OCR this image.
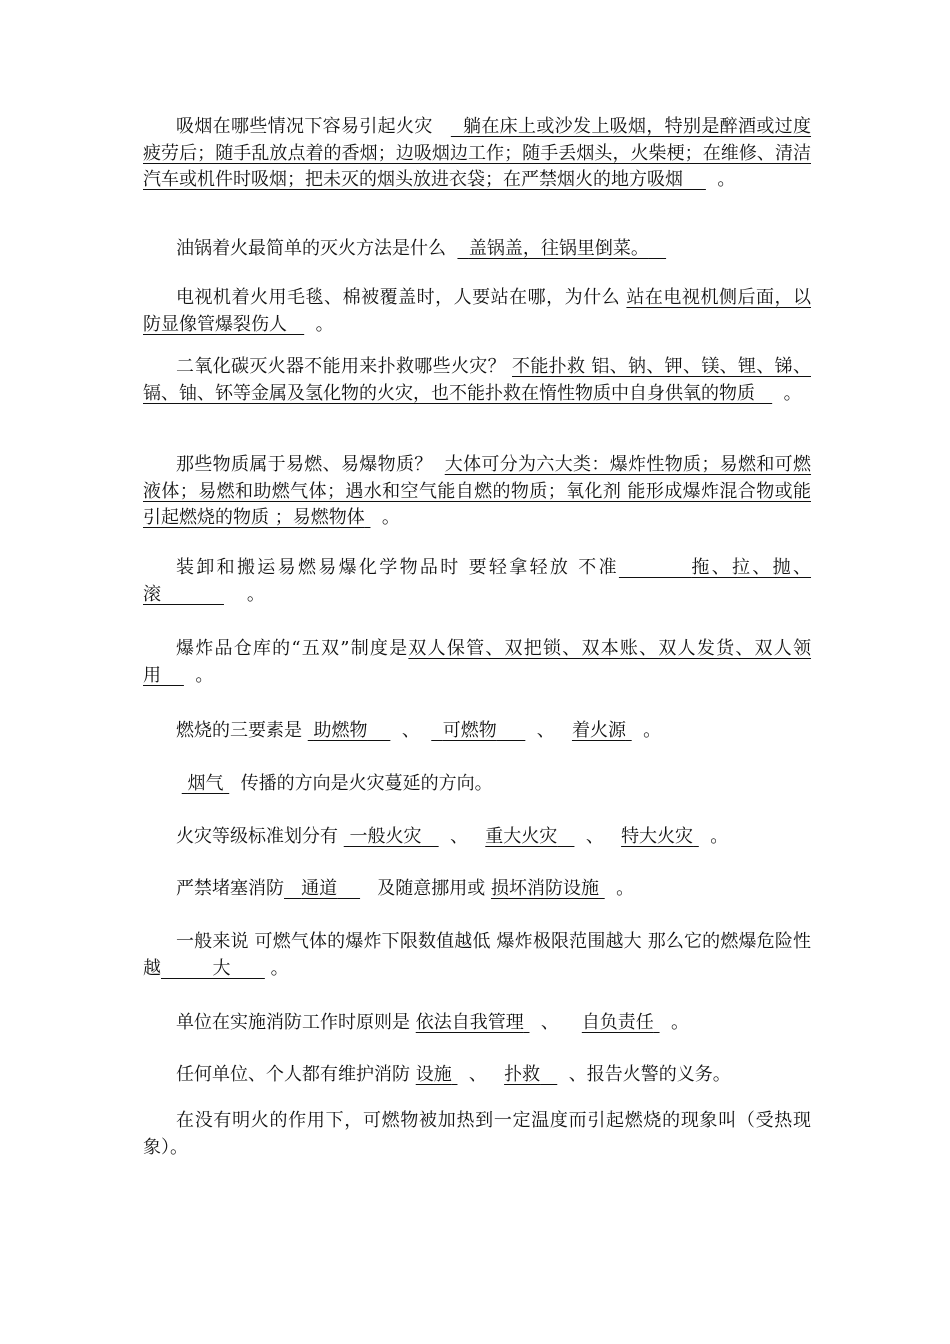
吸烟在哪些情况下容易引起火灾 躺在床上或沙发上吸烟，特别是醉酒或过度疲劳后；随手乱放点着的香烟；边吸烟边工作；随手丢烟头，火柴梗；在维修、清洁汽车或机件时吸烟；把未灭的烟头放进衣袋；在严禁烟火的地方吸烟 。

油锅着火最简单的灭火方法是什么 盖锅盖，往锅里倒菜。

电视机着火用毛毯、棉被覆盖时，人要站在哪，为什么 站在电视机侧后面，以防显像管爆裂伤人 。

二氧化碳灭火器不能用来扑救哪些火灾？ 不能扑救 铝、钠、钾、镁、锂、锑、镉、铀、钚等金属及氢化物的火灾，也不能扑救在惰性物质中自身供氧的物质 。

那些物质属于易燃、易爆物质？ 大体可分为六大类：爆炸性物质；易燃和可燃液体；易燃和助燃气体；遇水和空气能自燃的物质；氧化剂 能形成爆炸混合物或能引起燃烧的物质 ；易燃物体 。

装卸和搬运易燃易爆化学物品时 要轻拿轻放 不准	拖、拉、抛、滚	。

爆炸品仓库的“五双”制度是双人保管、双把锁、双本账、双人发货、双人领用 。

燃烧的三要素是 助燃物 、 可燃物 、 着火源 。

烟气 传播的方向是火灾蔓延的方向。

火灾等级标准划分有 一般火灾 、 重大火灾 、 特大火灾 。

严禁堵塞消防 通道 及随意挪用或 损坏消防设施 。

一般来说 可燃气体的爆炸下限数值越低 爆炸极限范围越大 那么它的燃爆危险性越	大 。

单位在实施消防工作时原则是 依法自我管理 、 自负责任 。

任何单位、个人都有维护消防 设施 、 扑救 、报告火警的义务。

在没有明火的作用下，可燃物被加热到一定温度而引起燃烧的现象叫（受热现象）。
